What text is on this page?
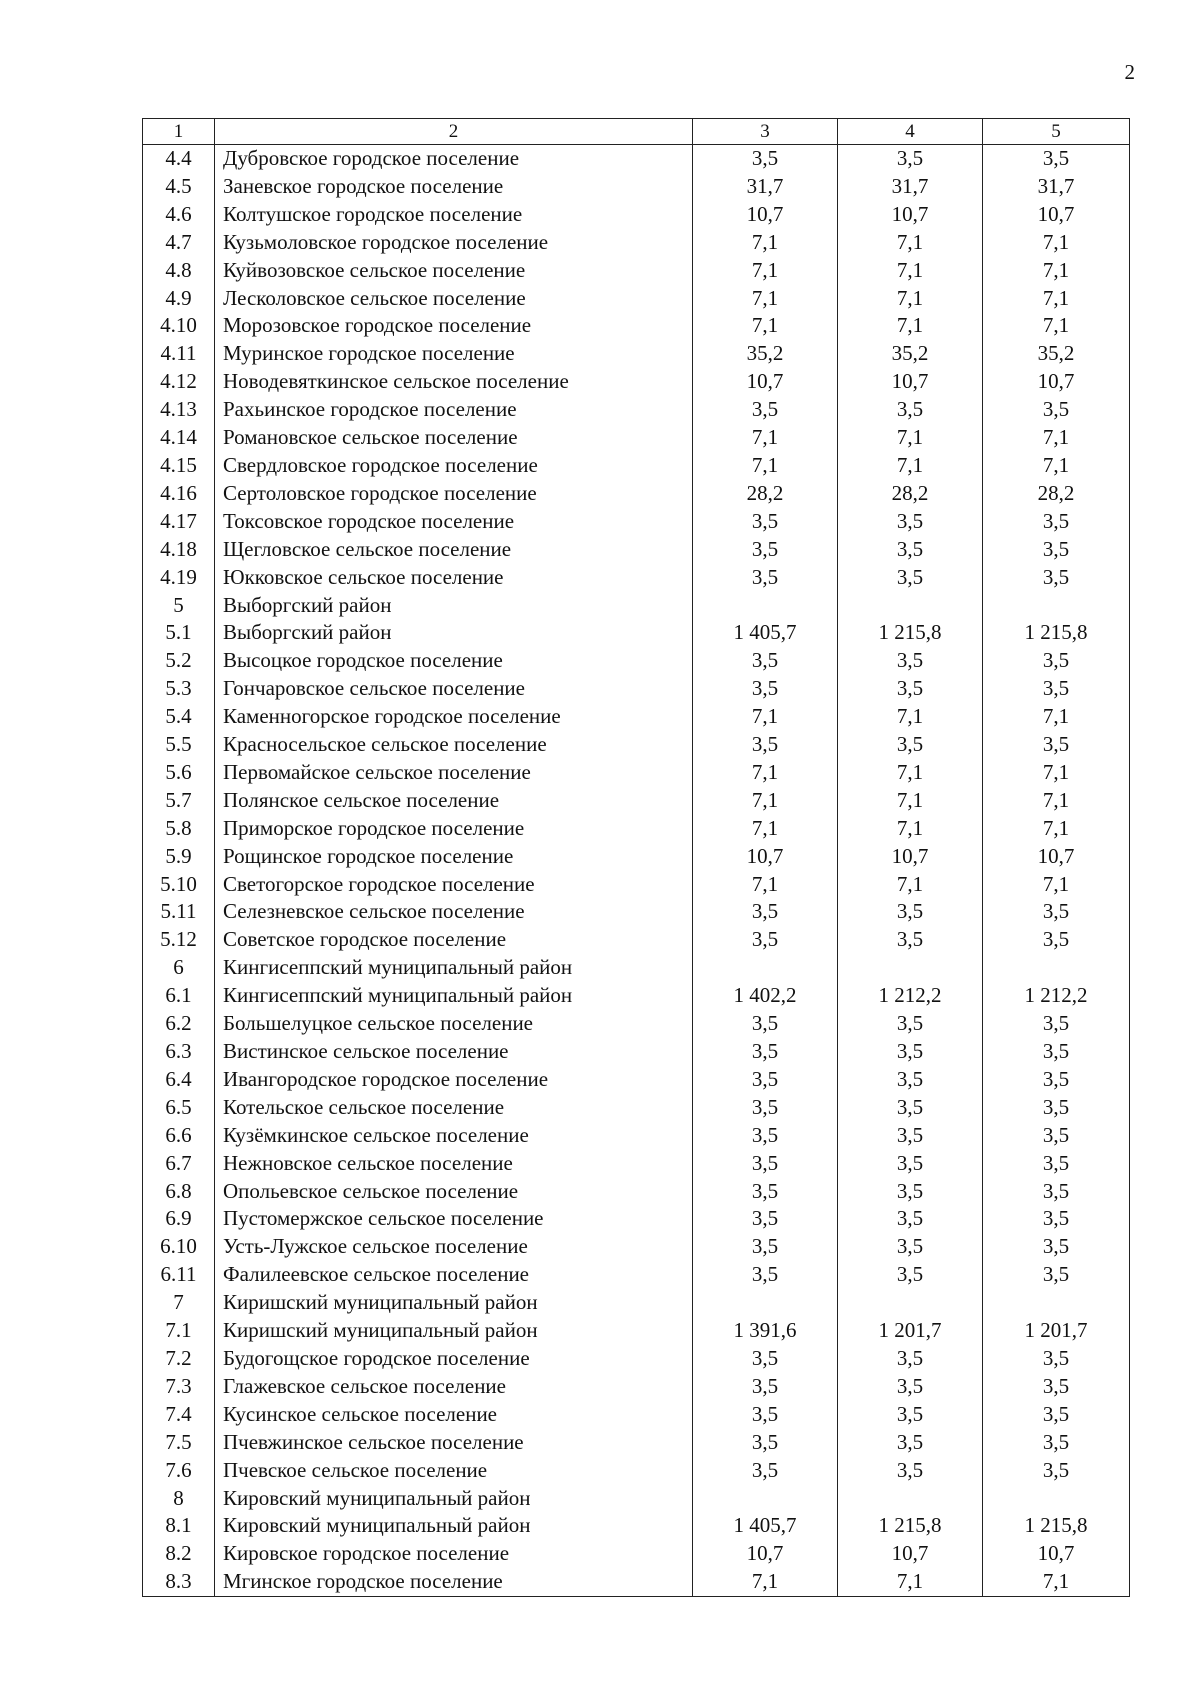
2
1	2	3	4	5
4.4	Дубровское городское поселение	3,5	3,5	3,5
4.5	Заневское городское поселение	31,7	31,7	31,7
4.6	Колтушское городское поселение	10,7	10,7	10,7
4.7	Кузьмоловское городское поселение	7,1	7,1	7,1
4.8	Куйвозовское сельское поселение	7,1	7,1	7,1
4.9	Лесколовское сельское поселение	7,1	7,1	7,1
4.10	Морозовское городское поселение	7,1	7,1	7,1
4.11	Муринское городское поселение	35,2	35,2	35,2
4.12	Новодевяткинское сельское поселение	10,7	10,7	10,7
4.13	Рахьинское городское поселение	3,5	3,5	3,5
4.14	Романовское сельское поселение	7,1	7,1	7,1
4.15	Свердловское городское поселение	7,1	7,1	7,1
4.16	Сертоловское городское поселение	28,2	28,2	28,2
4.17	Токсовское городское поселение	3,5	3,5	3,5
4.18	Щегловское сельское поселение	3,5	3,5	3,5
4.19	Юкковское сельское поселение	3,5	3,5	3,5
5	Выборгский район			
5.1	Выборгский район	1 405,7	1 215,8	1 215,8
5.2	Высоцкое городское поселение	3,5	3,5	3,5
5.3	Гончаровское сельское поселение	3,5	3,5	3,5
5.4	Каменногорское городское поселение	7,1	7,1	7,1
5.5	Красносельское сельское поселение	3,5	3,5	3,5
5.6	Первомайское сельское поселение	7,1	7,1	7,1
5.7	Полянское сельское поселение	7,1	7,1	7,1
5.8	Приморское городское поселение	7,1	7,1	7,1
5.9	Рощинское городское поселение	10,7	10,7	10,7
5.10	Светогорское городское поселение	7,1	7,1	7,1
5.11	Селезневское сельское поселение	3,5	3,5	3,5
5.12	Советское городское поселение	3,5	3,5	3,5
6	Кингисеппский муниципальный район			
6.1	Кингисеппский муниципальный район	1 402,2	1 212,2	1 212,2
6.2	Большелуцкое сельское поселение	3,5	3,5	3,5
6.3	Вистинское сельское поселение	3,5	3,5	3,5
6.4	Ивангородское городское поселение	3,5	3,5	3,5
6.5	Котельское сельское поселение	3,5	3,5	3,5
6.6	Кузёмкинское сельское поселение	3,5	3,5	3,5
6.7	Нежновское сельское поселение	3,5	3,5	3,5
6.8	Опольевское сельское поселение	3,5	3,5	3,5
6.9	Пустомержское сельское поселение	3,5	3,5	3,5
6.10	Усть-Лужское сельское поселение	3,5	3,5	3,5
6.11	Фалилеевское сельское поселение	3,5	3,5	3,5
7	Киришский муниципальный район			
7.1	Киришский муниципальный район	1 391,6	1 201,7	1 201,7
7.2	Будогощское городское поселение	3,5	3,5	3,5
7.3	Глажевское сельское поселение	3,5	3,5	3,5
7.4	Кусинское сельское поселение	3,5	3,5	3,5
7.5	Пчевжинское сельское поселение	3,5	3,5	3,5
7.6	Пчевское сельское поселение	3,5	3,5	3,5
8	Кировский муниципальный район			
8.1	Кировский муниципальный район	1 405,7	1 215,8	1 215,8
8.2	Кировское городское поселение	10,7	10,7	10,7
8.3	Мгинское городское поселение	7,1	7,1	7,1
